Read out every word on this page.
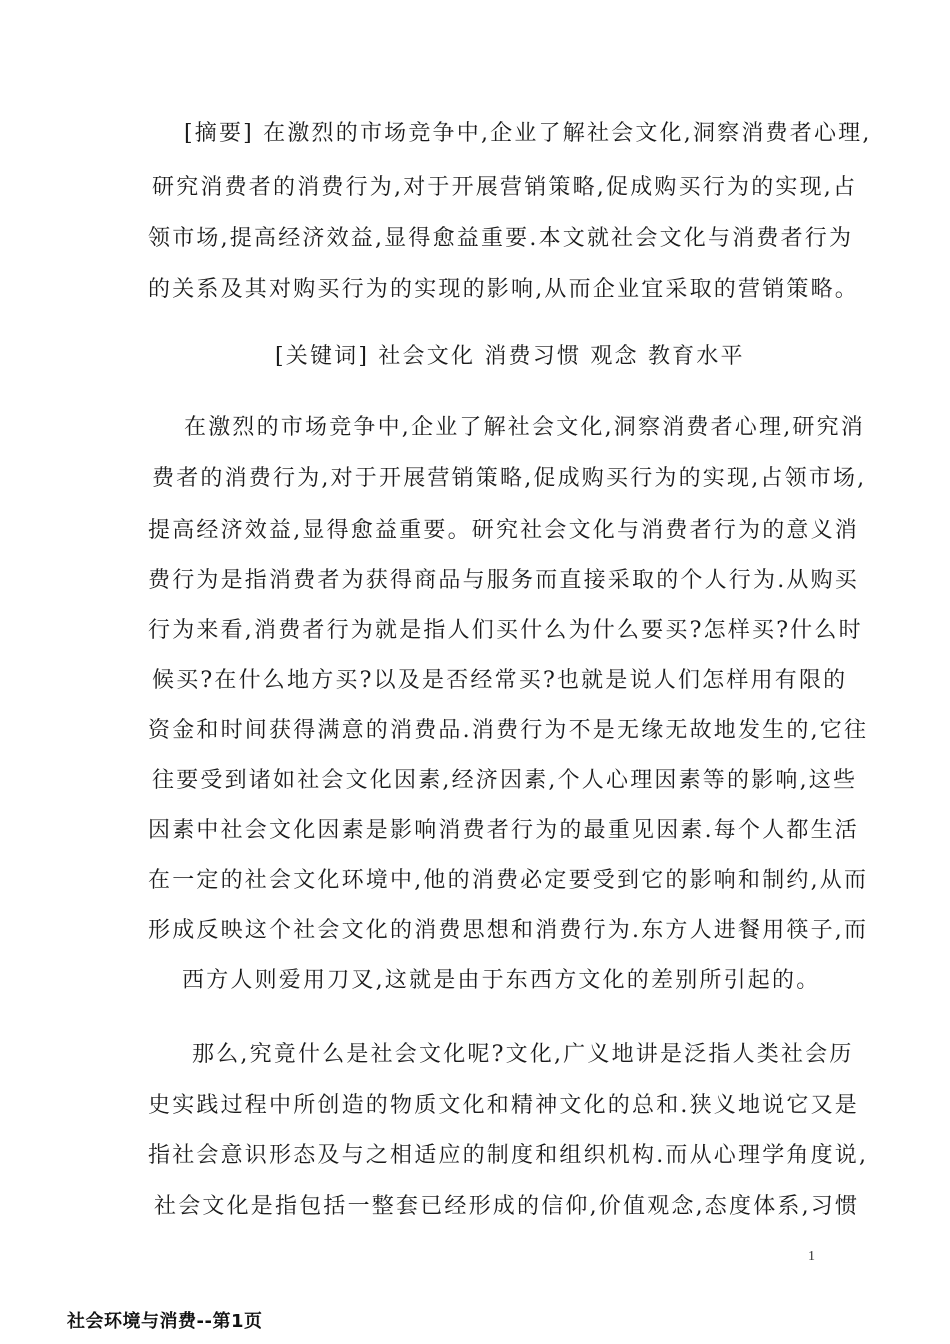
[摘要] 在激烈的市场竞争中,企业了解社会文化,洞察消费者心理,
研究消费者的消费行为,对于开展营销策略,促成购买行为的实现,占
领市场,提高经济效益,显得愈益重要.本文就社会文化与消费者行为
的关系及其对购买行为的实现的影响,从而企业宜采取的营销策略。
[关键词] 社会文化 消费习惯 观念 教育水平
在激烈的市场竞争中,企业了解社会文化,洞察消费者心理,研究消
费者的消费行为,对于开展营销策略,促成购买行为的实现,占领市场,
提高经济效益,显得愈益重要。研究社会文化与消费者行为的意义消
费行为是指消费者为获得商品与服务而直接采取的个人行为.从购买
行为来看,消费者行为就是指人们买什么为什么要买?怎样买?什么时
候买?在什么地方买?以及是否经常买?也就是说人们怎样用有限的
资金和时间获得满意的消费品.消费行为不是无缘无故地发生的,它往
往要受到诸如社会文化因素,经济因素,个人心理因素等的影响,这些
因素中社会文化因素是影响消费者行为的最重见因素.每个人都生活
在一定的社会文化环境中,他的消费必定要受到它的影响和制约,从而
形成反映这个社会文化的消费思想和消费行为.东方人进餐用筷子,而
西方人则爱用刀叉,这就是由于东西方文化的差别所引起的。
那么,究竟什么是社会文化呢?文化,广义地讲是泛指人类社会历
史实践过程中所创造的物质文化和精神文化的总和.狭义地说它又是
指社会意识形态及与之相适应的制度和组织机构.而从心理学角度说,
社会文化是指包括一整套已经形成的信仰,价值观念,态度体系,习惯
1
社会环境与消费--第1页
